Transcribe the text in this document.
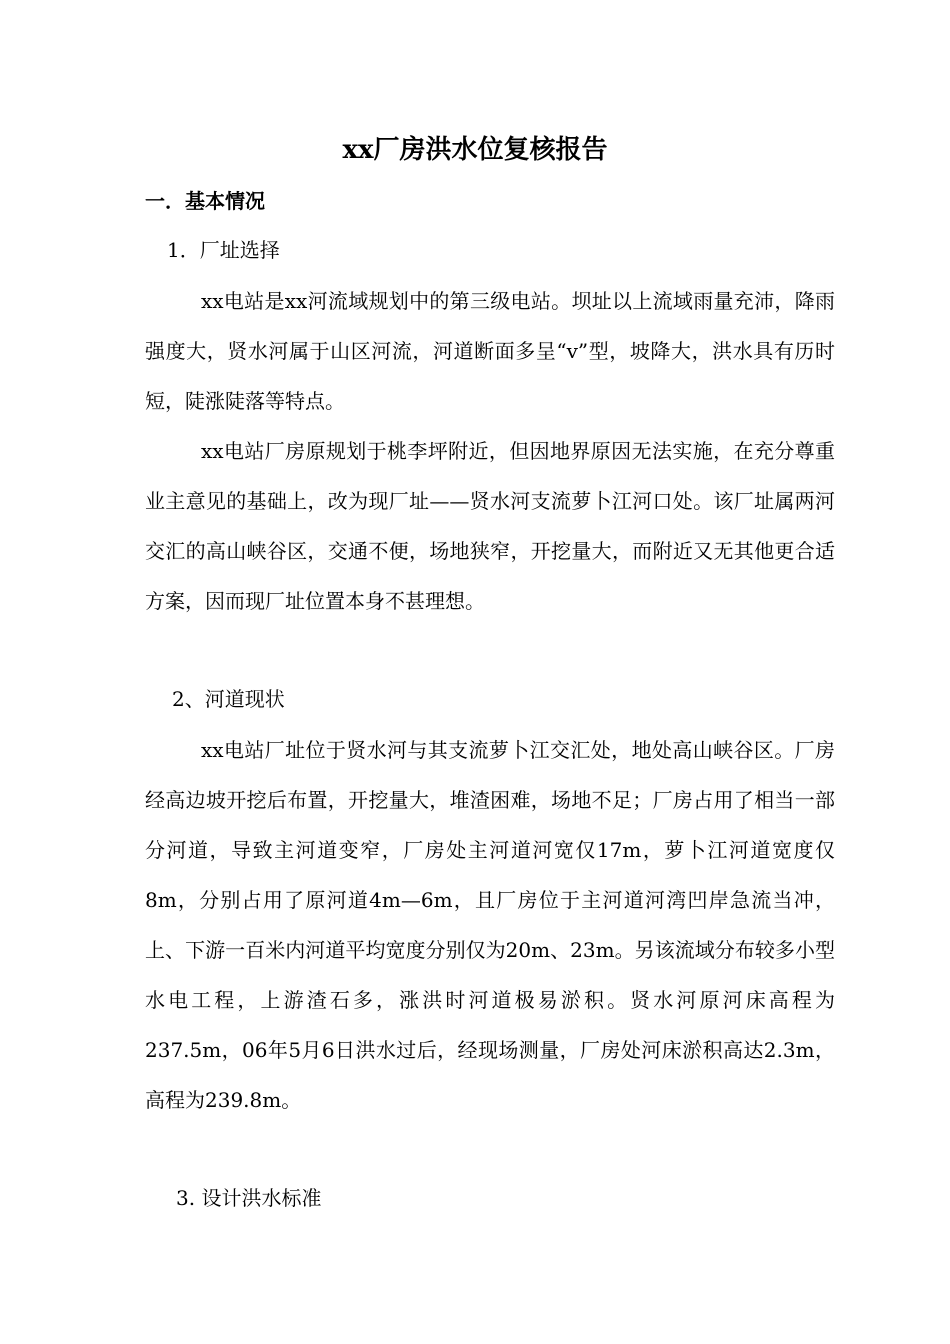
xx厂房洪水位复核报告
一．基本情况
1．厂址选择
xx电站是xx河流域规划中的第三级电站。坝址以上流域雨量充沛，降雨强度大，贤水河属于山区河流，河道断面多呈“v”型，坡降大，洪水具有历时短，陡涨陡落等特点。
xx电站厂房原规划于桃李坪附近，但因地界原因无法实施，在充分尊重业主意见的基础上，改为现厂址——贤水河支流萝卜江河口处。该厂址属两河交汇的高山峡谷区，交通不便，场地狭窄，开挖量大，而附近又无其他更合适方案，因而现厂址位置本身不甚理想。
2、河道现状
xx电站厂址位于贤水河与其支流萝卜江交汇处，地处高山峡谷区。厂房经高边坡开挖后布置，开挖量大，堆渣困难，场地不足；厂房占用了相当一部分河道，导致主河道变窄，厂房处主河道河宽仅17m，萝卜江河道宽度仅8m，分别占用了原河道4m—6m，且厂房位于主河道河湾凹岸急流当冲，上、下游一百米内河道平均宽度分别仅为20m、23m。另该流域分布较多小型水电工程，上游渣石多，涨洪时河道极易淤积。贤水河原河床高程为237.5m，06年5月6日洪水过后，经现场测量，厂房处河床淤积高达2.3m，高程为239.8m。
3. 设计洪水标准
